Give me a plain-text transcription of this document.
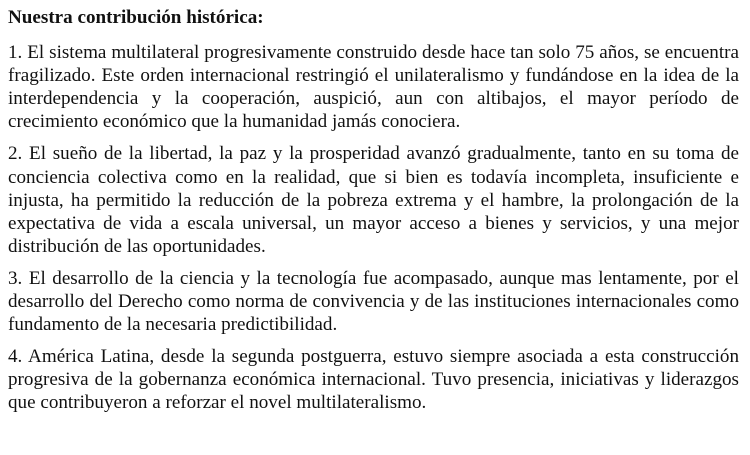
Nuestra contribución histórica:

1. El sistema multilateral progresivamente construido desde hace tan solo 75 años, se encuentra fragilizado. Este orden internacional restringió el unilateralismo y fundándose en la idea de la interdependencia y la cooperación, auspició, aun con altibajos, el mayor período de crecimiento económico que la humanidad jamás conociera.

2. El sueño de la libertad, la paz y la prosperidad avanzó gradualmente, tanto en su toma de conciencia colectiva como en la realidad, que si bien es todavía incompleta, insuficiente e injusta, ha permitido la reducción de la pobreza extrema y el hambre, la prolongación de la expectativa de vida a escala universal, un mayor acceso a bienes y servicios, y una mejor distribución de las oportunidades.

3. El desarrollo de la ciencia y la tecnología fue acompasado, aunque mas lentamente, por el desarrollo del Derecho como norma de convivencia y de las instituciones internacionales como fundamento de la necesaria predictibilidad.

4. América Latina, desde la segunda postguerra, estuvo siempre asociada a esta construcción progresiva de la gobernanza económica internacional. Tuvo presencia, iniciativas y liderazgos que contribuyeron a reforzar el novel multilateralismo.
